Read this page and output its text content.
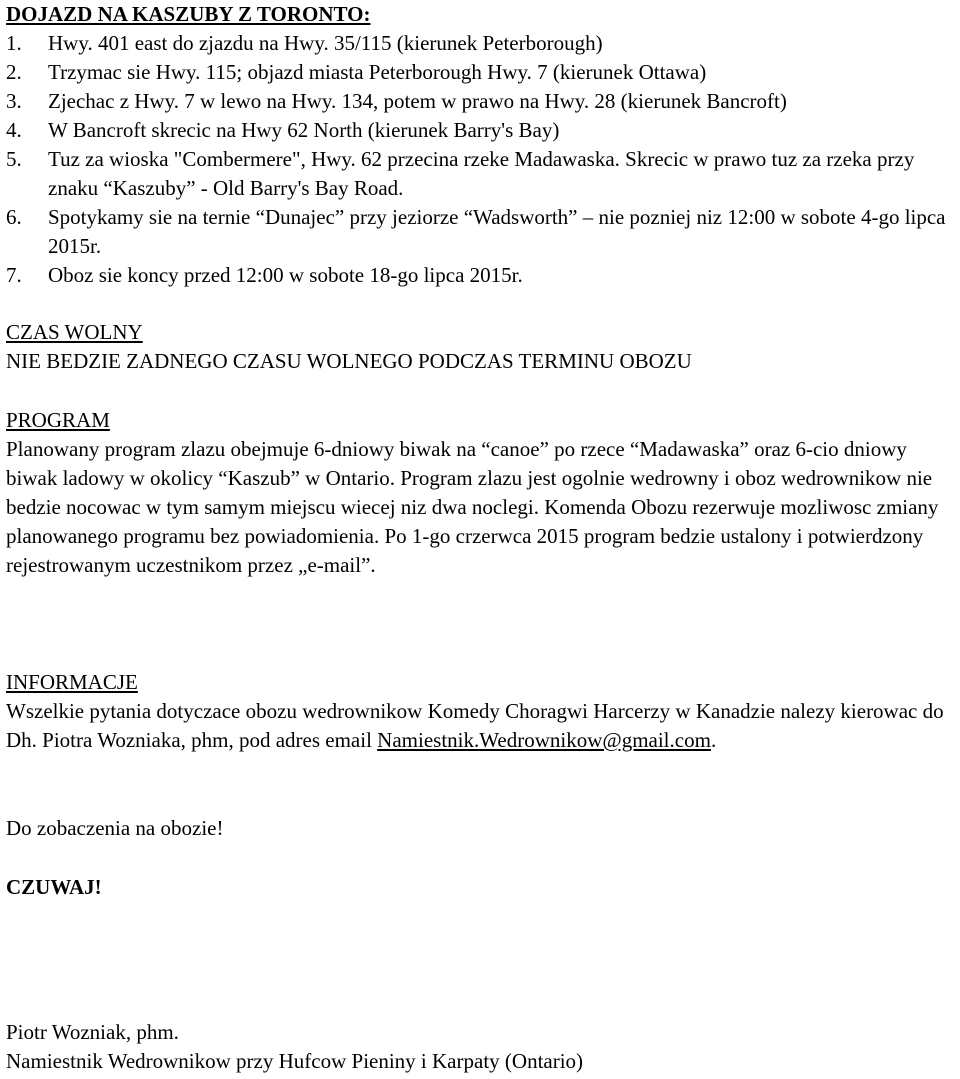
DOJAZD NA KASZUBY Z TORONTO:
1.	Hwy. 401 east do zjazdu na Hwy. 35/115 (kierunek Peterborough)
2.	Trzymac sie Hwy. 115; objazd miasta Peterborough Hwy. 7 (kierunek Ottawa)
3.	Zjechac z Hwy. 7 w lewo na Hwy. 134, potem w prawo na Hwy. 28 (kierunek Bancroft)
4.	W Bancroft skrecic na Hwy 62 North (kierunek Barry's Bay)
5.	Tuz za wioska "Combermere", Hwy. 62 przecina rzeke Madawaska. Skrecic w prawo tuz za rzeka przy znaku “Kaszuby” - Old Barry's Bay Road.
6.	Spotykamy sie na ternie “Dunajec” przy jeziorze “Wadsworth” – nie pozniej niz 12:00 w sobote 4-go lipca 2015r.
7.	Oboz sie koncy przed 12:00 w sobote 18-go lipca 2015r.
CZAS WOLNY
NIE BEDZIE ZADNEGO CZASU WOLNEGO PODCZAS TERMINU OBOZU
PROGRAM
Planowany program zlazu obejmuje 6-dniowy biwak na “canoe” po rzece “Madawaska” oraz 6-cio dniowy biwak ladowy w okolicy “Kaszub” w Ontario. Program zlazu jest ogolnie wedrowny i oboz wedrownikow nie bedzie nocowac w tym samym miejscu wiecej niz dwa noclegi. Komenda Obozu rezerwuje mozliwosc zmiany planowanego programu bez powiadomienia. Po 1-go crzerwca 2015 program bedzie ustalony i potwierdzony rejestrowanym uczestnikom przez „e-mail”.
INFORMACJE
Wszelkie pytania dotyczace obozu wedrownikow Komedy Choragwi Harcerzy w Kanadzie nalezy kierowac do Dh. Piotra Wozniaka, phm, pod adres email Namiestnik.Wedrownikow@gmail.com.
Do zobaczenia na obozie!
CZUWAJ!
Piotr Wozniak, phm.
Namiestnik Wedrownikow przy Hufcow Pieniny i Karpaty (Ontario)
